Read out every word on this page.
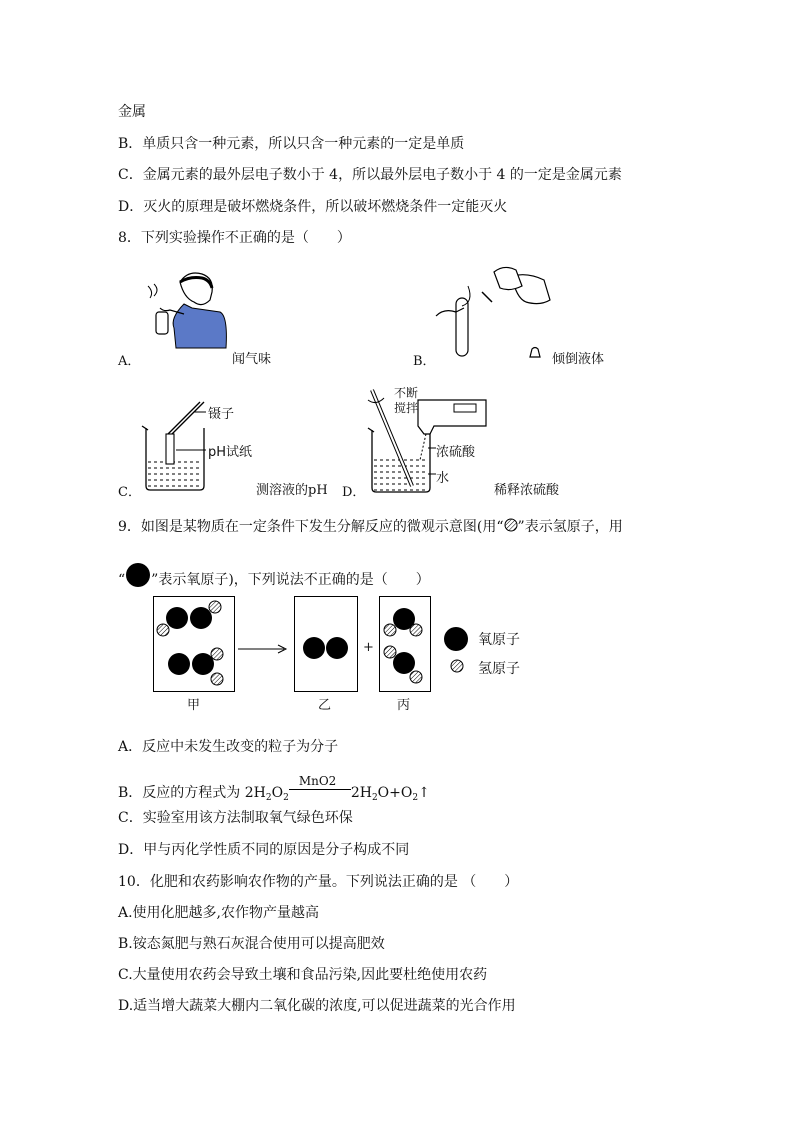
金属
B．单质只含一种元素，所以只含一种元素的一定是单质
C．金属元素的最外层电子数小于 4，所以最外层电子数小于 4 的一定是金属元素
D．灭火的原理是破坏燃烧条件，所以破坏燃烧条件一定能灭火
8．下列实验操作不正确的是（　　）
A．	闻气味	B．	倾倒液体
镊子
pH试纸
C．	测溶液的pH
不断
搅拌
浓硫酸
水
D．	稀释浓硫酸
9．如图是某物质在一定条件下发生分解反应的微观示意图(用“ ”表示氢原子，用
“ ”表示氧原子)，下列说法不正确的是（　　）
+	氧原子
氢原子
甲	乙	丙
A．反应中未发生改变的粒子为分子
B．反应的方程式为 $2H_2O_2$
MnO2
$2H_2O+O_2↑$
C．实验室用该方法制取氧气绿色环保
D．甲与丙化学性质不同的原因是分子构成不同
10．化肥和农药影响农作物的产量。下列说法正确的是 （　　）
A.使用化肥越多,农作物产量越高
B.铵态氮肥与熟石灰混合使用可以提高肥效
C.大量使用农药会导致土壤和食品污染,因此要杜绝使用农药
D.适当增大蔬菜大棚内二氧化碳的浓度,可以促进蔬菜的光合作用
